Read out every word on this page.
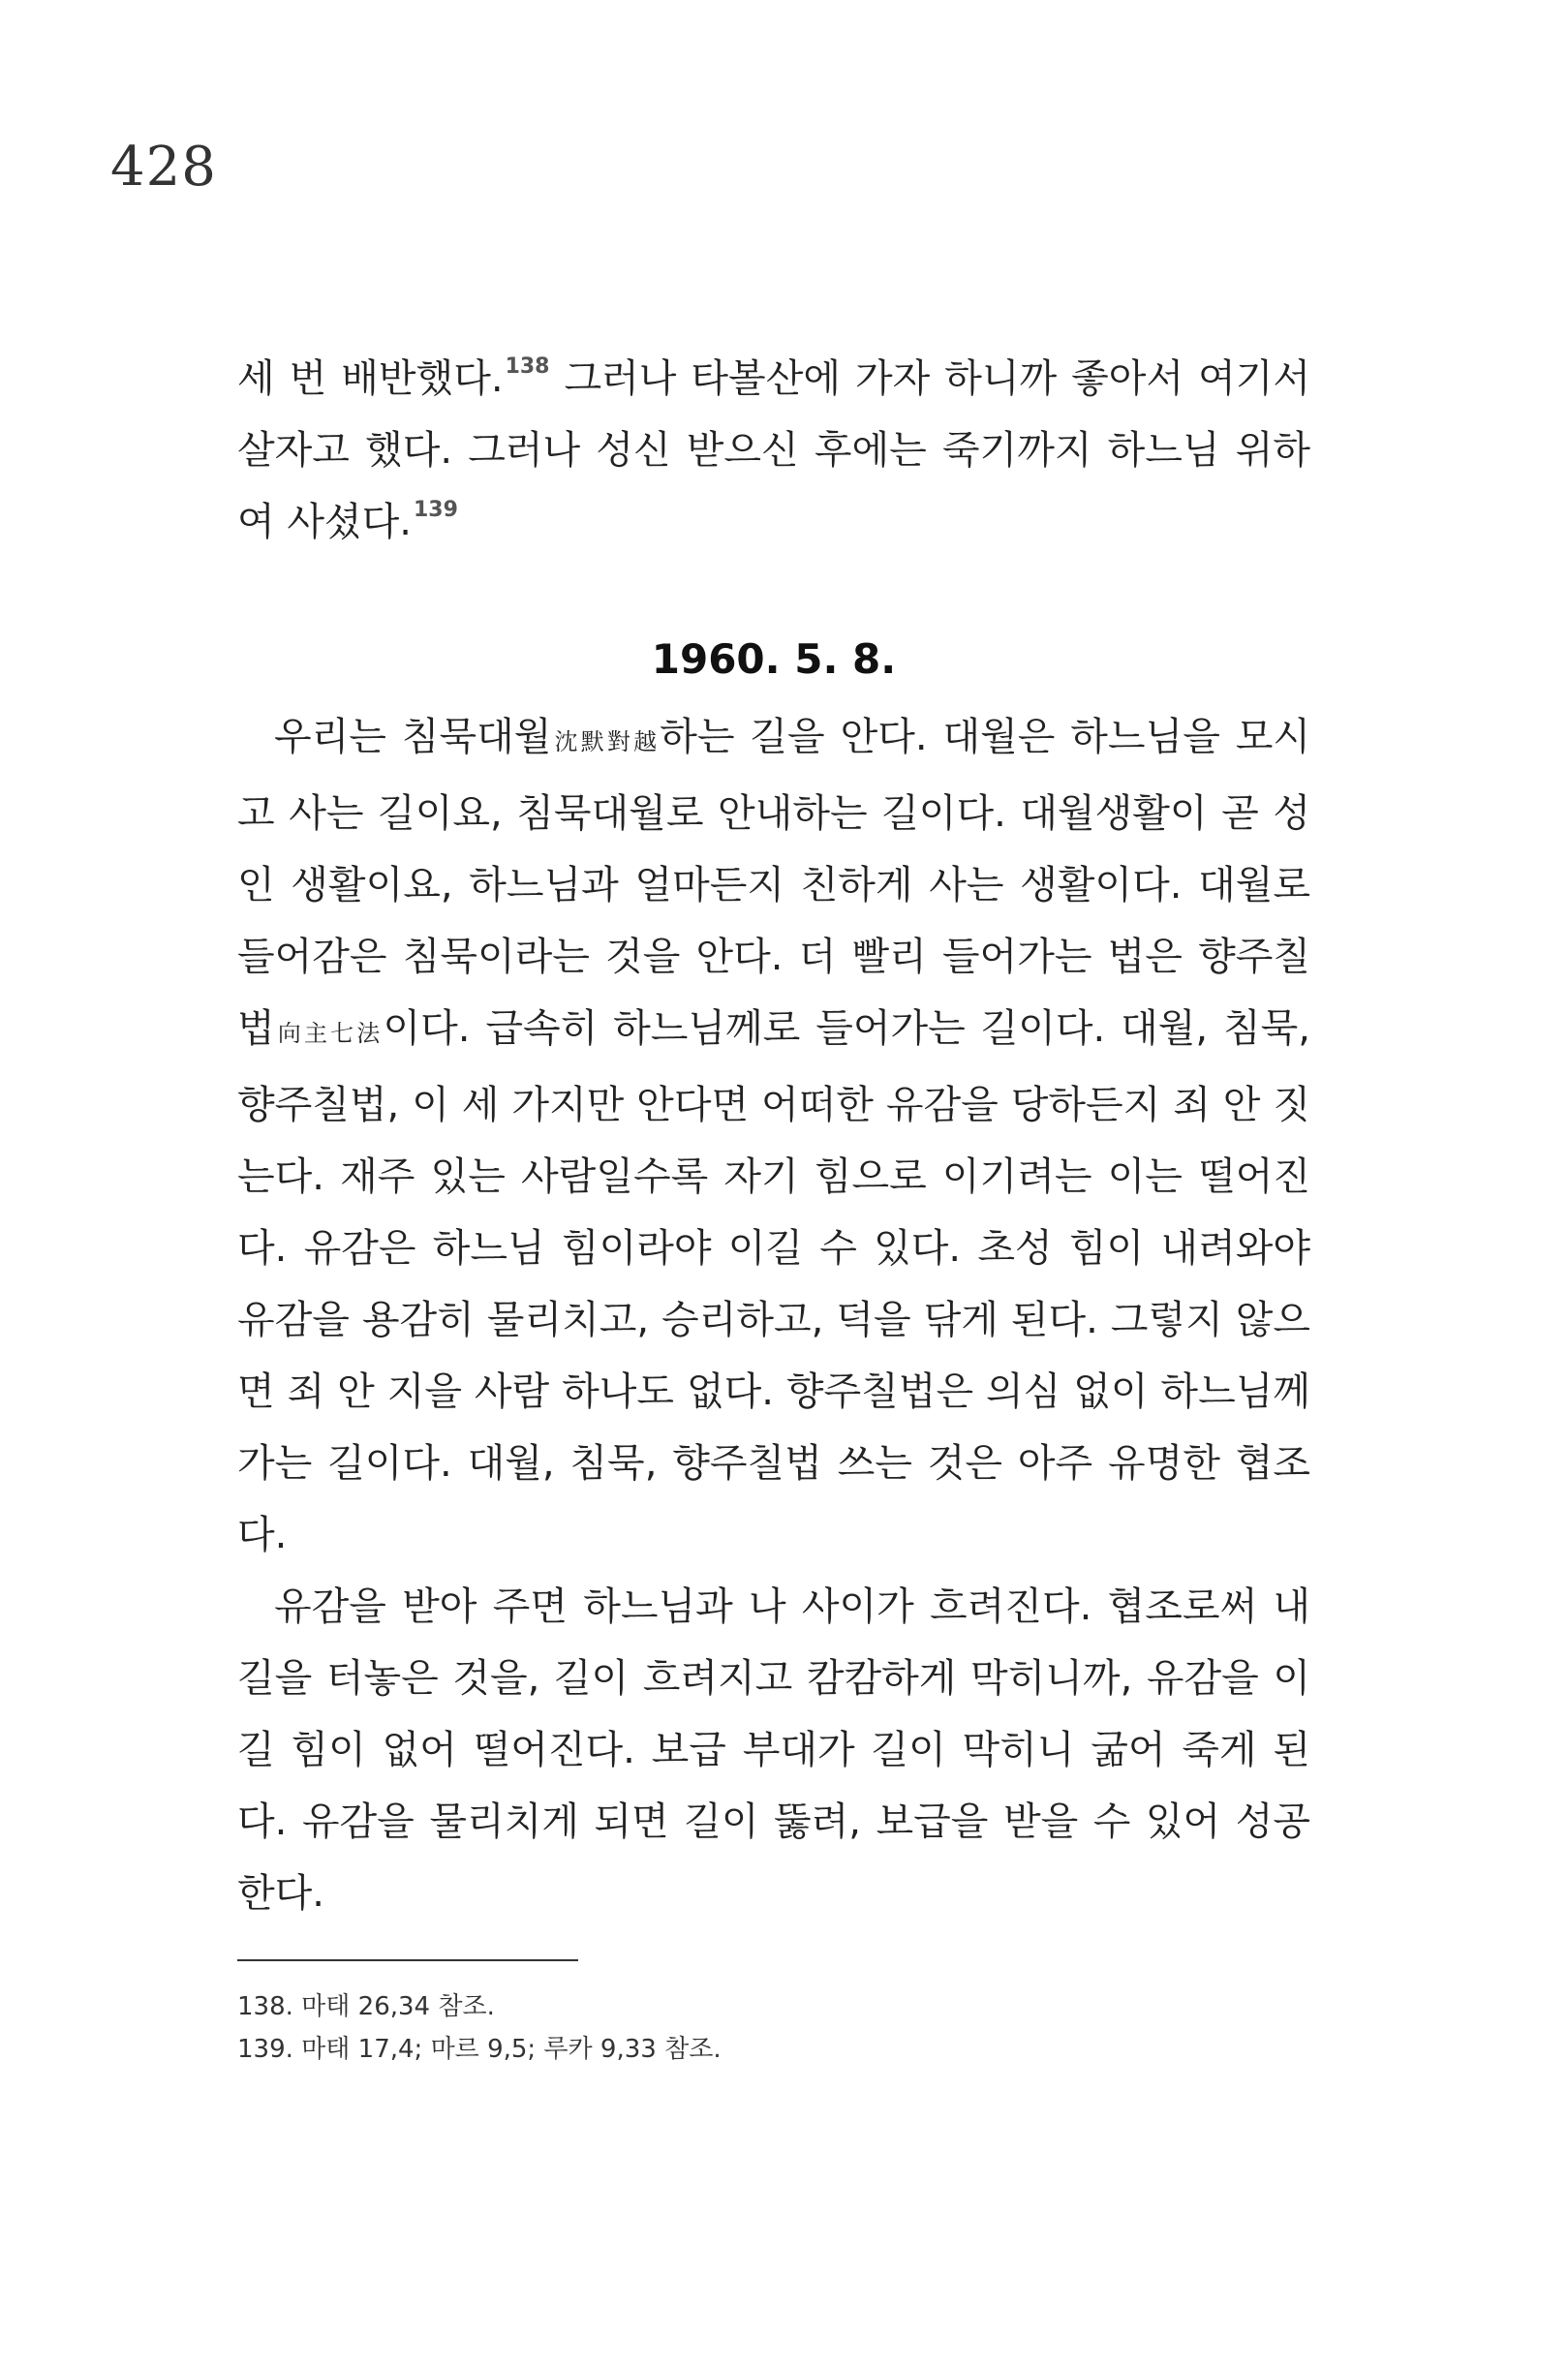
428

세 번 배반했다.$^{138}$ 그러나 타볼산에 가자 하니까 좋아서 여기서 살자고 했다. 그러나 성신 받으신 후에는 죽기까지 하느님 위하여 사셨다.$^{139}$

1960. 5. 8.

우리는 침묵대월沈默對越하는 길을 안다. 대월은 하느님을 모시고 사는 길이요, 침묵대월로 안내하는 길이다. 대월생활이 곧 성인 생활이요, 하느님과 얼마든지 친하게 사는 생활이다. 대월로 들어감은 침묵이라는 것을 안다. 더 빨리 들어가는 법은 향주칠법向主七法이다. 급속히 하느님께로 들어가는 길이다. 대월, 침묵, 향주칠법, 이 세 가지만 안다면 어떠한 유감을 당하든지 죄 안 짓는다. 재주 있는 사람일수록 자기 힘으로 이기려는 이는 떨어진다. 유감은 하느님 힘이라야 이길 수 있다. 초성 힘이 내려와야 유감을 용감히 물리치고, 승리하고, 덕을 닦게 된다. 그렇지 않으면 죄 안 지을 사람 하나도 없다. 향주칠법은 의심 없이 하느님께 가는 길이다. 대월, 침묵, 향주칠법 쓰는 것은 아주 유명한 협조다.

유감을 받아 주면 하느님과 나 사이가 흐려진다. 협조로써 내 길을 터놓은 것을, 길이 흐려지고 캄캄하게 막히니까, 유감을 이길 힘이 없어 떨어진다. 보급 부대가 길이 막히니 굶어 죽게 된다. 유감을 물리치게 되면 길이 뚫려, 보급을 받을 수 있어 성공한다.

138. 마태 26,34 참조.

139. 마태 17,4; 마르 9,5; 루카 9,33 참조.
